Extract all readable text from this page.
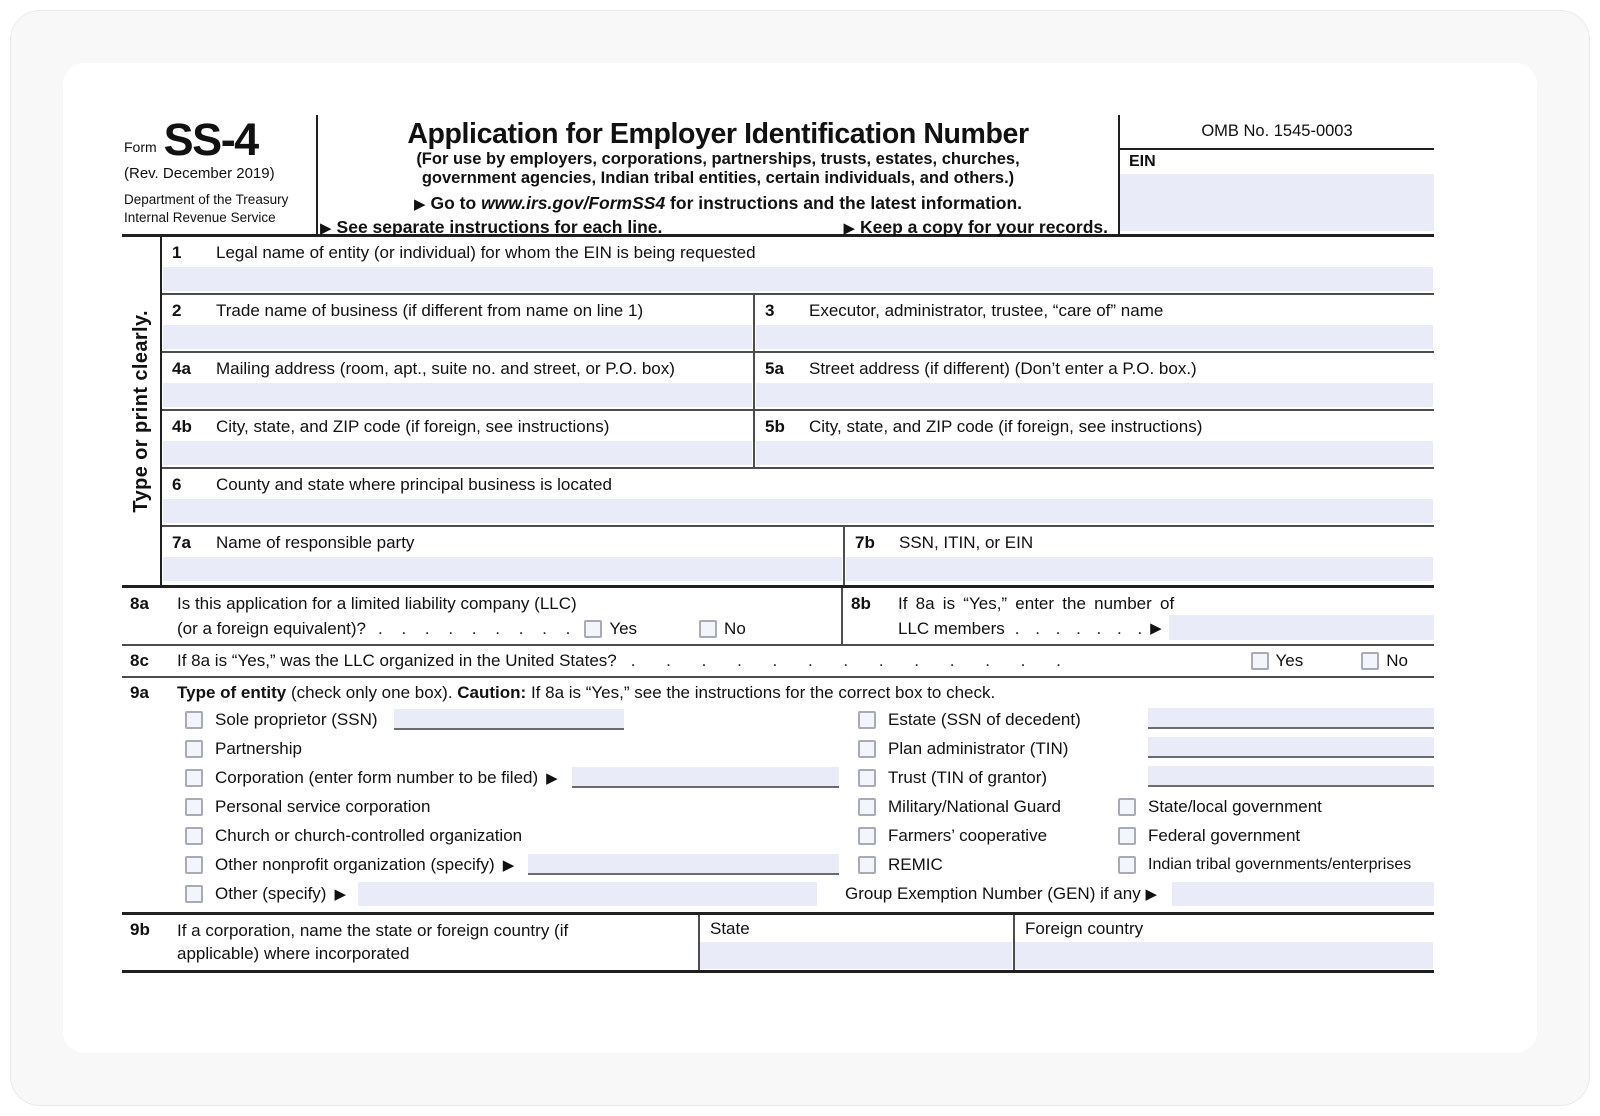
Form SS-4
(Rev. December 2019)
Department of the Treasury
Internal Revenue Service
Application for Employer Identification Number
(For use by employers, corporations, partnerships, trusts, estates, churches,
government agencies, Indian tribal entities, certain individuals, and others.)
▶ Go to www.irs.gov/FormSS4 for instructions and the latest information.
▶ See separate instructions for each line.	▶ Keep a copy for your records.
OMB No. 1545-0003
EIN
Type or print clearly.
1	Legal name of entity (or individual) for whom the EIN is being requested
2	Trade name of business (if different from name on line 1)	3	Executor, administrator, trustee, “care of” name
4a	Mailing address (room, apt., suite no. and street, or P.O. box)	5a	Street address (if different) (Don’t enter a P.O. box.)
4b	City, state, and ZIP code (if foreign, see instructions)	5b	City, state, and ZIP code (if foreign, see instructions)
6	County and state where principal business is located
7a	Name of responsible party	7b	SSN, ITIN, or EIN
8a	Is this application for a limited liability company (LLC)
(or a foreign equivalent)? . . . . . . . . . Yes	No
8b	If 8a is “Yes,” enter the number of
LLC members . . . . . . . ▶
8c	If 8a is “Yes,” was the LLC organized in the United States? . . . . . . . . . . . . .	Yes	No
9a	Type of entity (check only one box). Caution: If 8a is “Yes,” see the instructions for the correct box to check.
Sole proprietor (SSN)
Partnership
Corporation (enter form number to be filed) ▶
Personal service corporation
Church or church-controlled organization
Other nonprofit organization (specify) ▶
Other (specify) ▶
Estate (SSN of decedent)
Plan administrator (TIN)
Trust (TIN of grantor)
Military/National Guard	State/local government
Farmers’ cooperative	Federal government
REMIC	Indian tribal governments/enterprises
Group Exemption Number (GEN) if any ▶
9b	If a corporation, name the state or foreign country (if
applicable) where incorporated
State	Foreign country
